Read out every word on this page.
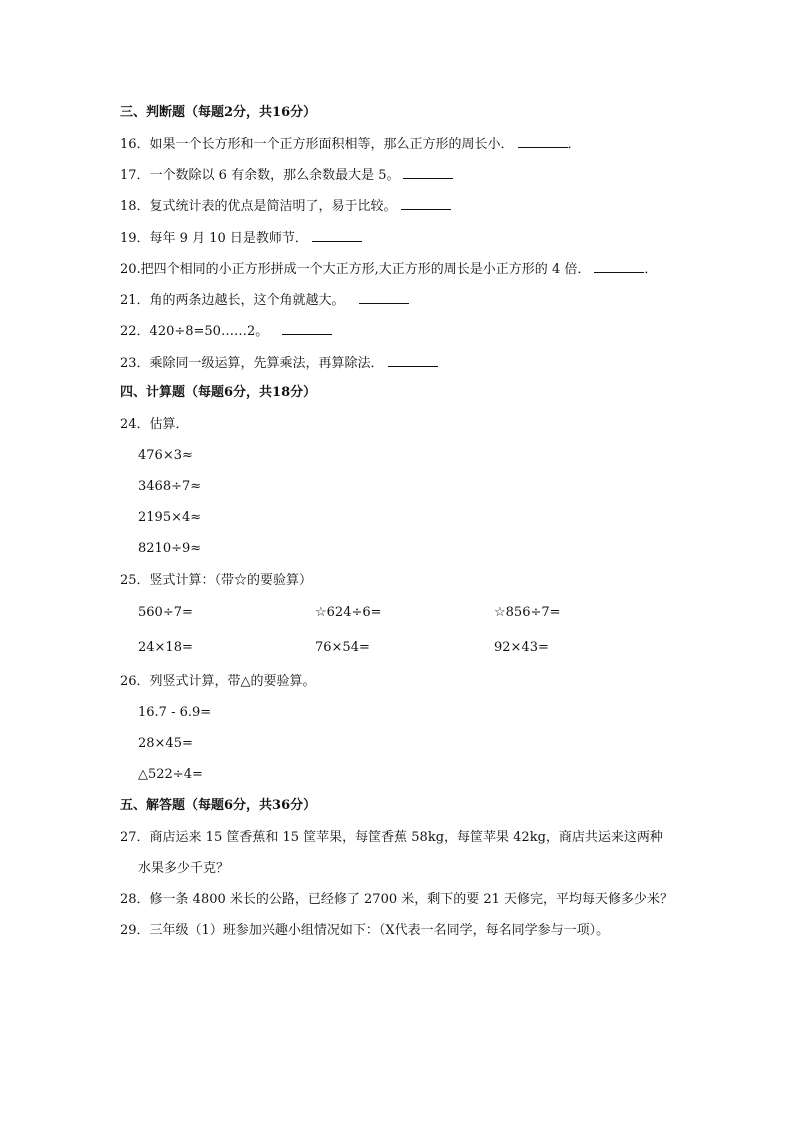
三、判断题（每题2分，共16分）
16．如果一个长方形和一个正方形面积相等，那么正方形的周长小．	．
17．一个数除以 6 有余数，那么余数最大是 5。
18．复式统计表的优点是简洁明了，易于比较。
19．每年 9 月 10 日是教师节．
20.把四个相同的小正方形拼成一个大正方形,大正方形的周长是小正方形的 4 倍．	．
21．角的两条边越长，这个角就越大。
22．420÷8=50……2。
23．乘除同一级运算，先算乘法，再算除法．
四、计算题（每题6分，共18分）
24．估算．
476×3≈
3468÷7≈
2195×4≈
8210÷9≈
25．竖式计算：（带☆的要验算）
560÷7=	☆624÷6=	☆856÷7=
24×18=	76×54=	92×43=
26．列竖式计算，带△的要验算。
16.7 - 6.9=
28×45=
△522÷4=
五、解答题（每题6分，共36分）
27．商店运来 15 筐香蕉和 15 筐苹果，每筐香蕉 58kg，每筐苹果 42kg，商店共运来这两种
水果多少千克？
28．修一条 4800 米长的公路，已经修了 2700 米，剩下的要 21 天修完，平均每天修多少米？
29．三年级（1）班参加兴趣小组情况如下：（X代表一名同学，每名同学参与一项）。
